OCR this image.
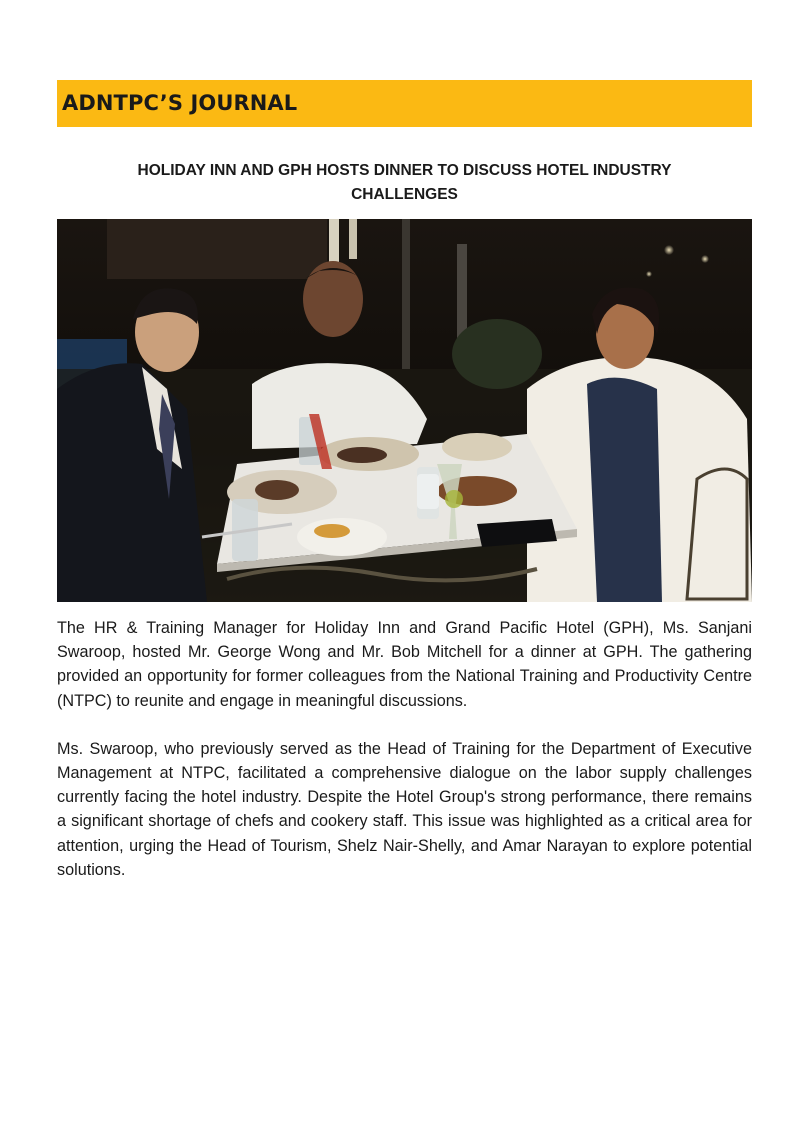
ADNTPC’S JOURNAL
HOLIDAY INN AND GPH HOSTS DINNER TO DISCUSS HOTEL INDUSTRY
CHALLENGES

The HR & Training Manager for Holiday Inn and Grand Pacific Hotel (GPH), Ms. Sanjani Swaroop, hosted Mr. George Wong and Mr. Bob Mitchell for a dinner at GPH. The gathering provided an opportunity for former colleagues from the National Training and Productivity Centre (NTPC) to reunite and engage in meaningful discussions.

Ms. Swaroop, who previously served as the Head of Training for the Department of Executive Management at NTPC, facilitated a comprehensive dialogue on the labor supply challenges currently facing the hotel industry. Despite the Hotel Group's strong performance, there remains a significant shortage of chefs and cookery staff. This issue was highlighted as a critical area for attention, urging the Head of Tourism, Shelz Nair-Shelly, and Amar Narayan to explore potential solutions.
